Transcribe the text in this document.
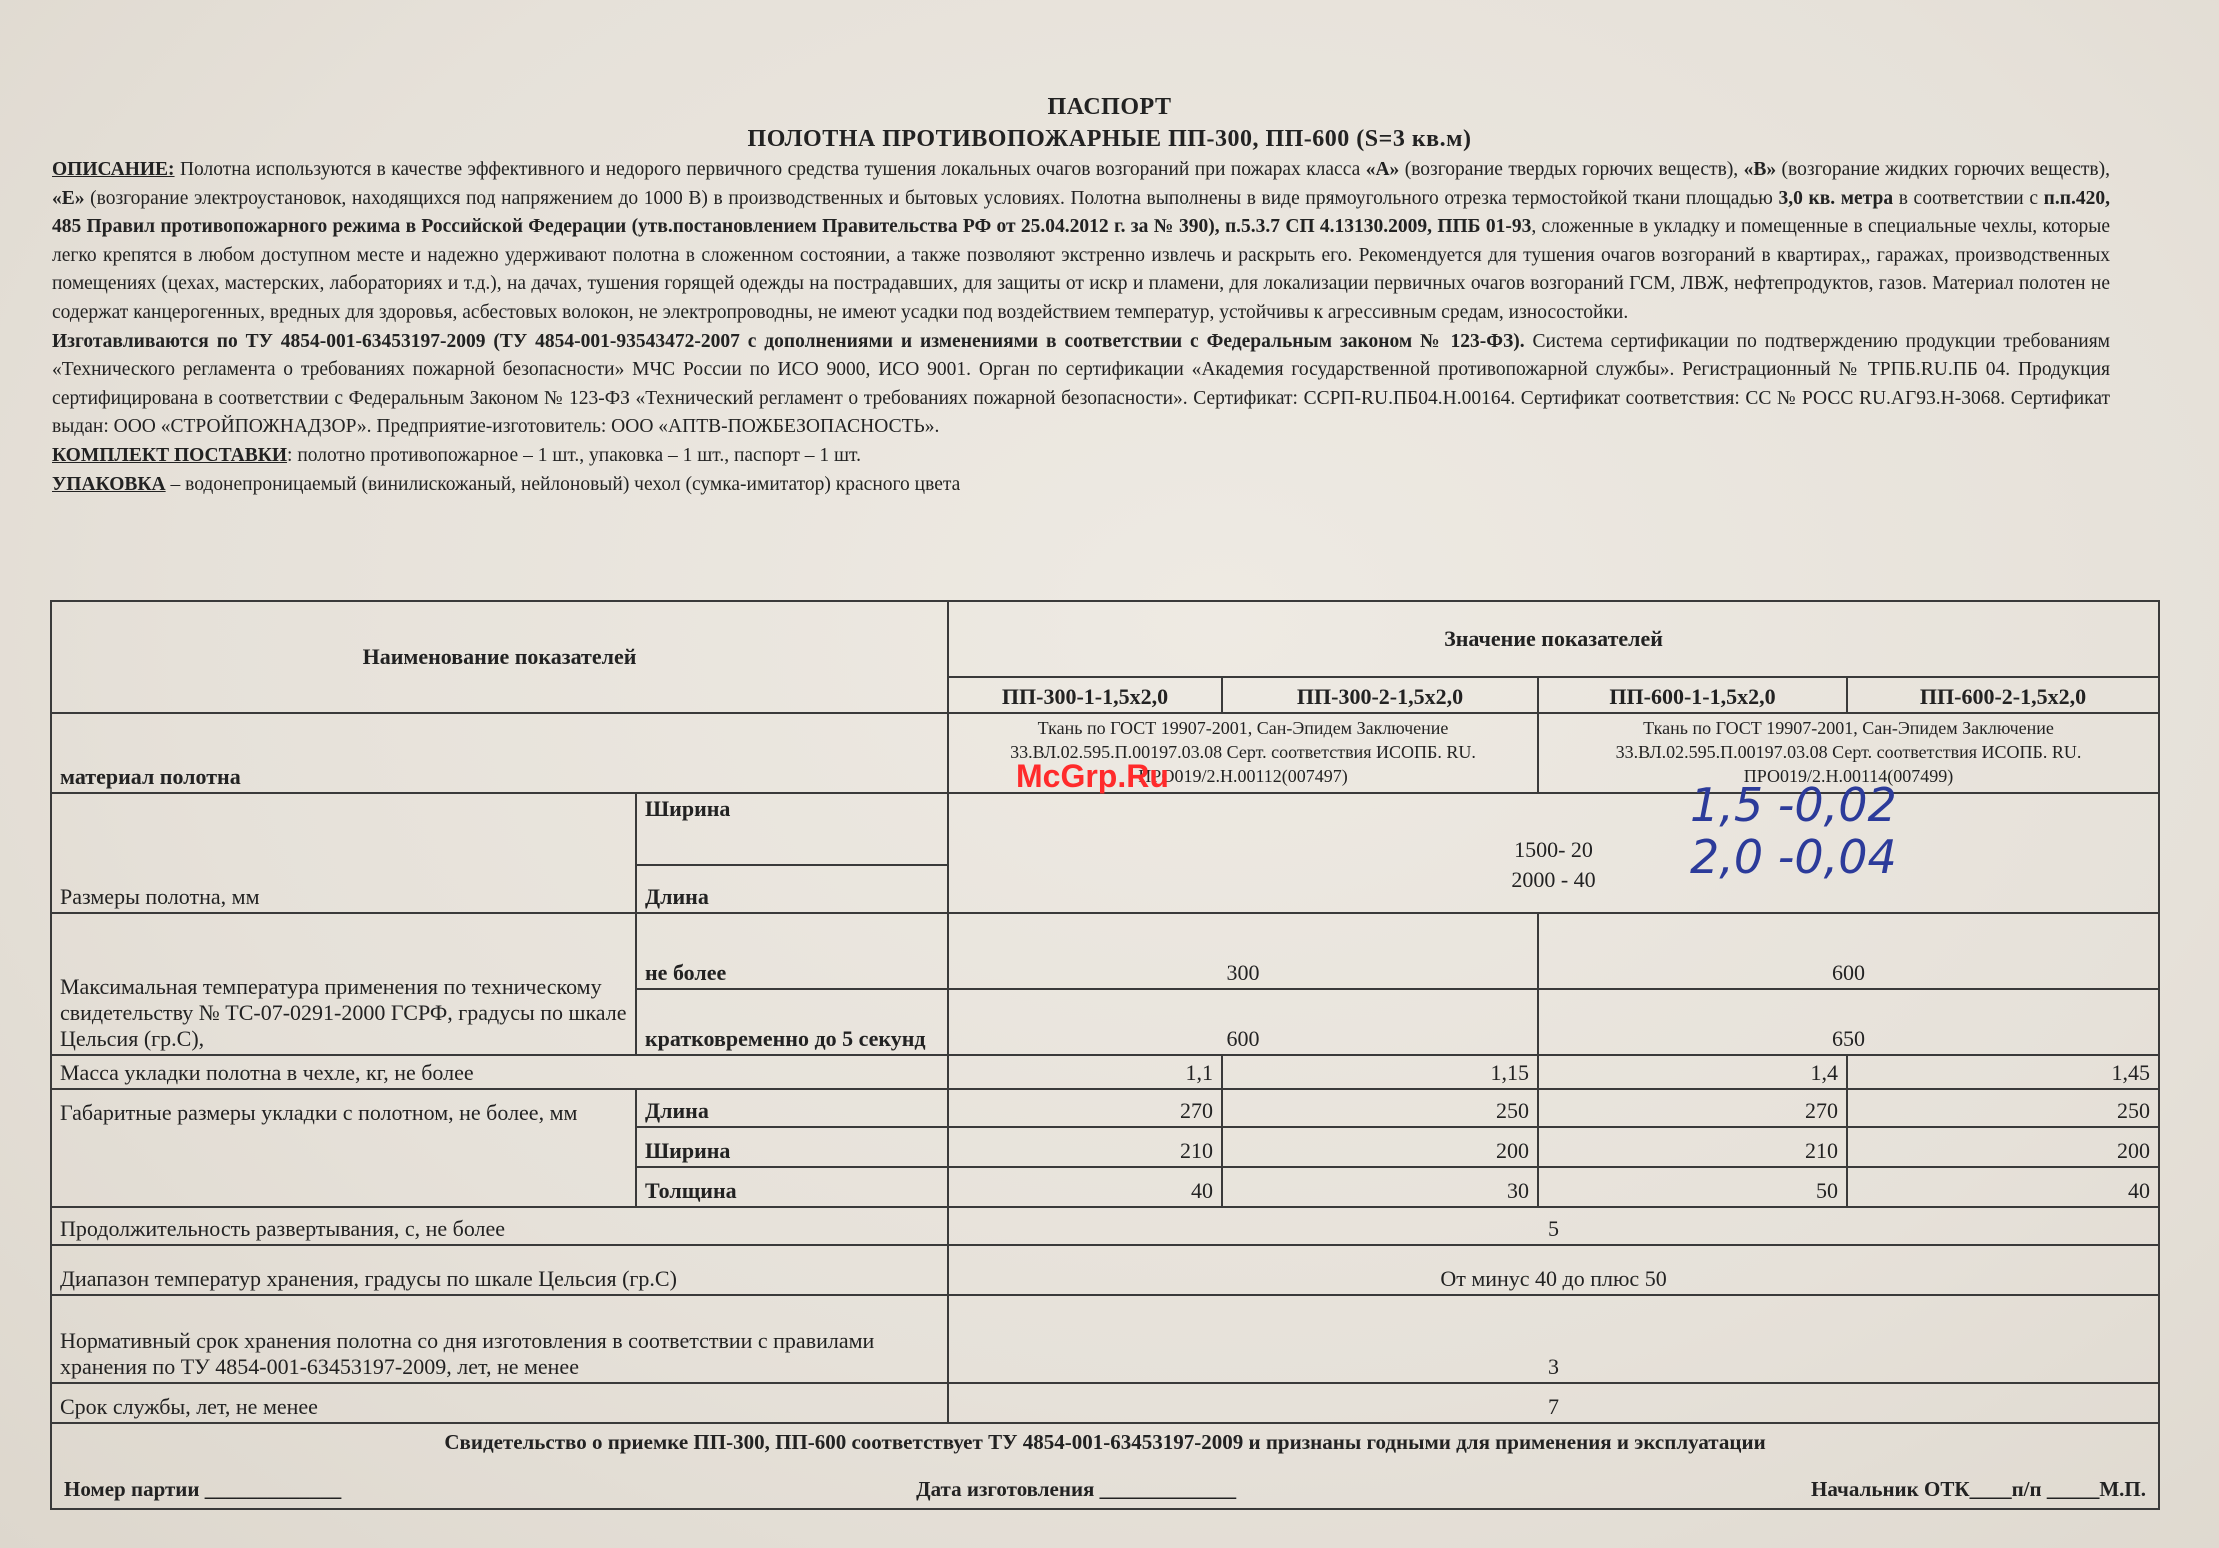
ПАСПОРТ
ПОЛОТНА ПРОТИВОПОЖАРНЫЕ ПП-300, ПП-600 (S=3 кв.м)

ОПИСАНИЕ: Полотна используются в качестве эффективного и недорого первичного средства тушения локальных очагов возгораний при пожарах класса «А» (возгорание твердых горючих веществ), «В» (возгорание жидких горючих веществ), «Е» (возгорание электроустановок, находящихся под напряжением до 1000 В) в производственных и бытовых условиях. Полотна выполнены в виде прямоугольного отрезка термостойкой ткани площадью 3,0 кв. метра в соответствии с п.п.420, 485 Правил противопожарного режима в Российской Федерации (утв.постановлением Правительства РФ от 25.04.2012 г. за № 390), п.5.3.7 СП 4.13130.2009, ППБ 01-93, сложенные в укладку и помещенные в специальные чехлы, которые легко крепятся в любом доступном месте и надежно удерживают полотна в сложенном состоянии, а также позволяют экстренно извлечь и раскрыть его. Рекомендуется для тушения очагов возгораний в квартирах,, гаражах, производственных помещениях (цехах, мастерских, лабораториях и т.д.), на дачах, тушения горящей одежды на пострадавших, для защиты от искр и пламени, для локализации первичных очагов возгораний ГСМ, ЛВЖ, нефтепродуктов, газов. Материал полотен не содержат канцерогенных, вредных для здоровья, асбестовых волокон, не электропроводны, не имеют усадки под воздействием температур, устойчивы к агрессивным средам, износостойки.

Изготавливаются по ТУ 4854-001-63453197-2009 (ТУ 4854-001-93543472-2007 с дополнениями и изменениями в соответствии с Федеральным законом № 123-ФЗ). Система сертификации по подтверждению продукции требованиям «Технического регламента о требованиях пожарной безопасности» МЧС России по ИСО 9000, ИСО 9001. Орган по сертификации «Академия государственной противопожарной службы». Регистрационный № ТРПБ.RU.ПБ 04. Продукция сертифицирована в соответствии с Федеральным Законом № 123-ФЗ «Технический регламент о требованиях пожарной безопасности». Сертификат: ССРП-RU.ПБ04.Н.00164. Сертификат соответствия: СС № РОСС RU.АГ93.Н-3068. Сертификат выдан: ООО «СТРОЙПОЖНАДЗОР». Предприятие-изготовитель: ООО «АПТВ-ПОЖБЕЗОПАСНОСТЬ».

КОМПЛЕКТ ПОСТАВКИ: полотно противопожарное – 1 шт., упаковка – 1 шт., паспорт – 1 шт.

УПАКОВКА – водонепроницаемый (винилискожаный, нейлоновый) чехол (сумка-имитатор) красного цвета

Наименование показателей		Значение показателей			
		ПП-300-1-1,5х2,0	ПП-300-2-1,5х2,0	ПП-600-1-1,5х2,0	ПП-600-2-1,5х2,0
материал полотна		Ткань по ГОСТ 19907-2001, Сан-Эпидем Заключение 33.ВЛ.02.595.П.00197.03.08 Серт. соответствия ИСОПБ. RU. ПРО019/2.Н.00112(007497)		Ткань по ГОСТ 19907-2001, Сан-Эпидем Заключение 33.ВЛ.02.595.П.00197.03.08 Серт. соответствия ИСОПБ. RU. ПРО019/2.Н.00114(007499)	
Размеры полотна, мм	Ширина	1500- 20			
	Длина	2000 - 40			
Максимальная температура применения по техническому свидетельству № ТС-07-0291-2000 ГСРФ, градусы по шкале Цельсия (гр.С),	не более	300		600	
	кратковременно до 5 секунд	600		650	
Масса укладки полотна в чехле, кг, не более		1,1	1,15	1,4	1,45
Габаритные размеры укладки с полотном, не более, мм	Длина	270	250	270	250
	Ширина	210	200	210	200
	Толщина	40	30	50	40
Продолжительность развертывания, с, не более		5			
Диапазон температур хранения, градусы по шкале Цельсия (гр.С)		От минус 40 до плюс 50			
Нормативный срок хранения полотна со дня изготовления в соответствии с правилами хранения по ТУ 4854-001-63453197-2009, лет, не менее		3			
Срок службы, лет, не менее		7			

Свидетельство о приемке ПП-300, ПП-600 соответствует ТУ 4854-001-63453197-2009 и признаны годными для применения и эксплуатации
Номер партии _____________ Дата изготовления _____________ Начальник ОТК____п/п _____М.П.					
McGrp.Ru
1,5 -0,02
2,0 -0,04
